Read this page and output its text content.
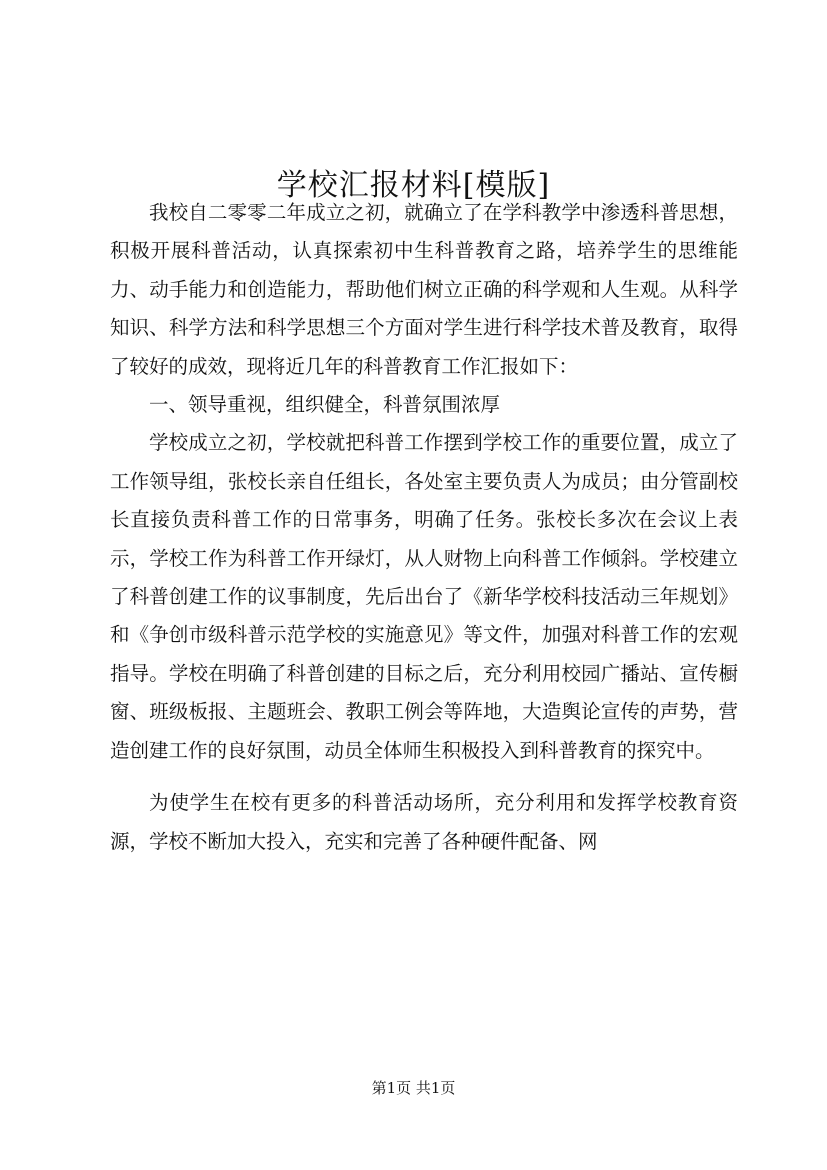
学校汇报材料[模版]

我校自二零零二年成立之初，就确立了在学科教学中渗透科普思想，积极开展科普活动，认真探索初中生科普教育之路，培养学生的思维能力、动手能力和创造能力，帮助他们树立正确的科学观和人生观。从科学知识、科学方法和科学思想三个方面对学生进行科学技术普及教育，取得了较好的成效，现将近几年的科普教育工作汇报如下：

一、领导重视，组织健全，科普氛围浓厚

学校成立之初，学校就把科普工作摆到学校工作的重要位置，成立了工作领导组，张校长亲自任组长，各处室主要负责人为成员；由分管副校长直接负责科普工作的日常事务，明确了任务。张校长多次在会议上表示，学校工作为科普工作开绿灯，从人财物上向科普工作倾斜。学校建立了科普创建工作的议事制度，先后出台了《新华学校科技活动三年规划》和《争创市级科普示范学校的实施意见》等文件，加强对科普工作的宏观指导。学校在明确了科普创建的目标之后，充分利用校园广播站、宣传橱窗、班级板报、主题班会、教职工例会等阵地，大造舆论宣传的声势，营造创建工作的良好氛围，动员全体师生积极投入到科普教育的探究中。

为使学生在校有更多的科普活动场所，充分利用和发挥学校教育资源，学校不断加大投入，充实和完善了各种硬件配备、网

第1页 共1页
